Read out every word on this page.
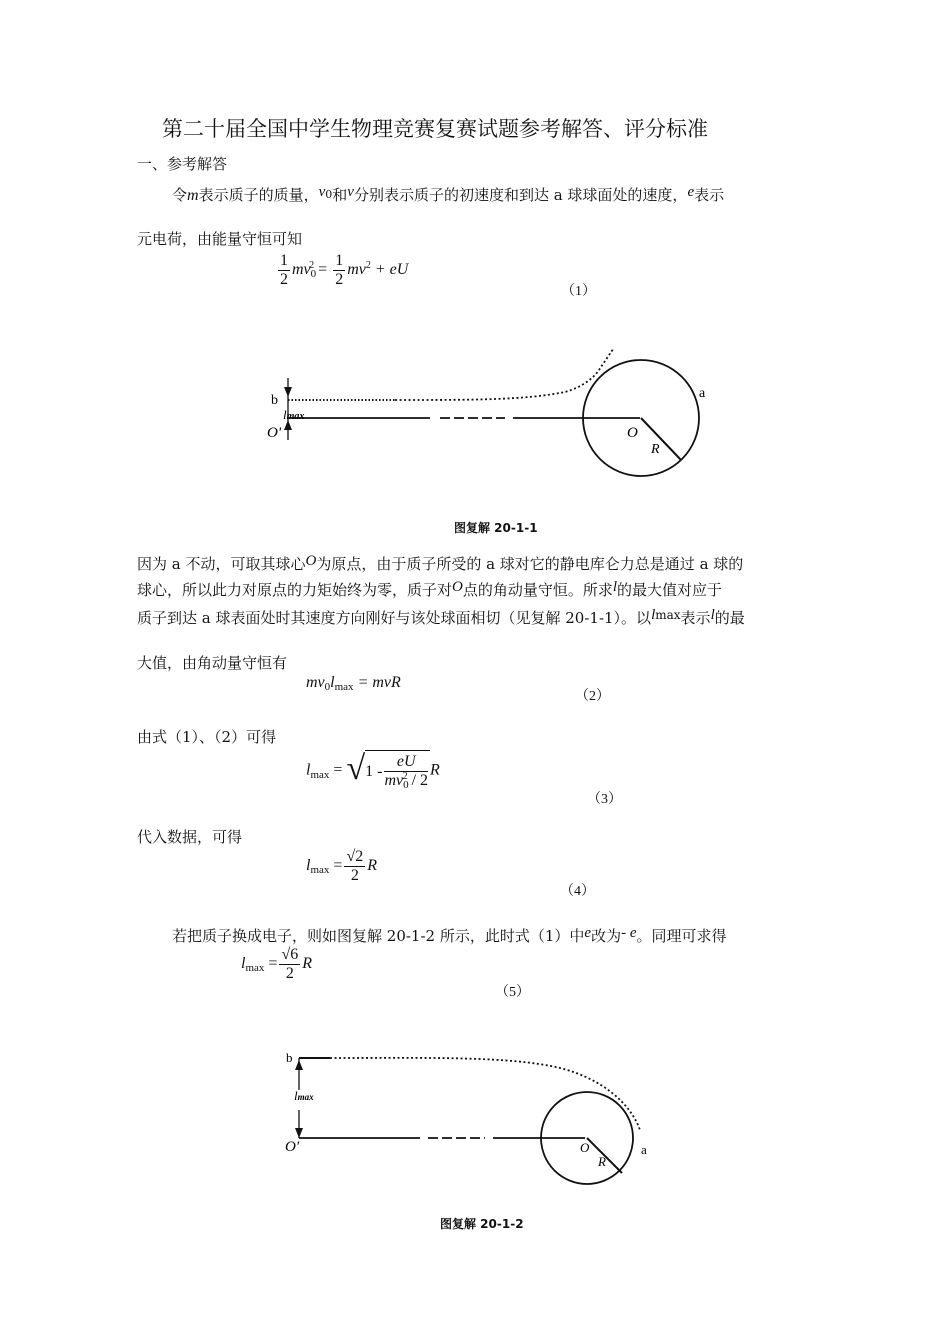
第二十届全国中学生物理竞赛复赛试题参考解答、评分标准
一、参考解答
令m表示质子的质量，v0和v分别表示质子的初速度和到达 a 球球面处的速度，e表示
元电荷，由能量守恒可知
$\frac{1}{2} mv0^2 = \frac{1}{2} mv^2$ + eU
（1）
b
lmax
O'	O
R
a
图复解 20-1-1
因为 a 不动，可取其球心O为原点，由于质子所受的 a 球对它的静电库仑力总是通过 a 球的
球心，所以此力对原点的力矩始终为零，质子对O点的角动量守恒。所求l的最大值对应于
质子到达 a 球表面处时其速度方向刚好与该处球面相切（见复解 20-1-1）。以$l^{max}$表示l的最
大值，由角动量守恒有
mv0lmax = mvR
（2）
由式（1）、（2）可得
$lmax = √1 - \frac{eU}{mv0^2 / 2}$ R
（3）
代入数据，可得
$lmax = \frac{√2}{2}$ R
（4）
若把质子换成电子，则如图复解 20-1-2 所示，此时式（1）中e改为- e。同理可求得
$lmax = \frac{√6}{2}$ R
（5）
b
lmax
O'	O
R
a
图复解 20-1-2
